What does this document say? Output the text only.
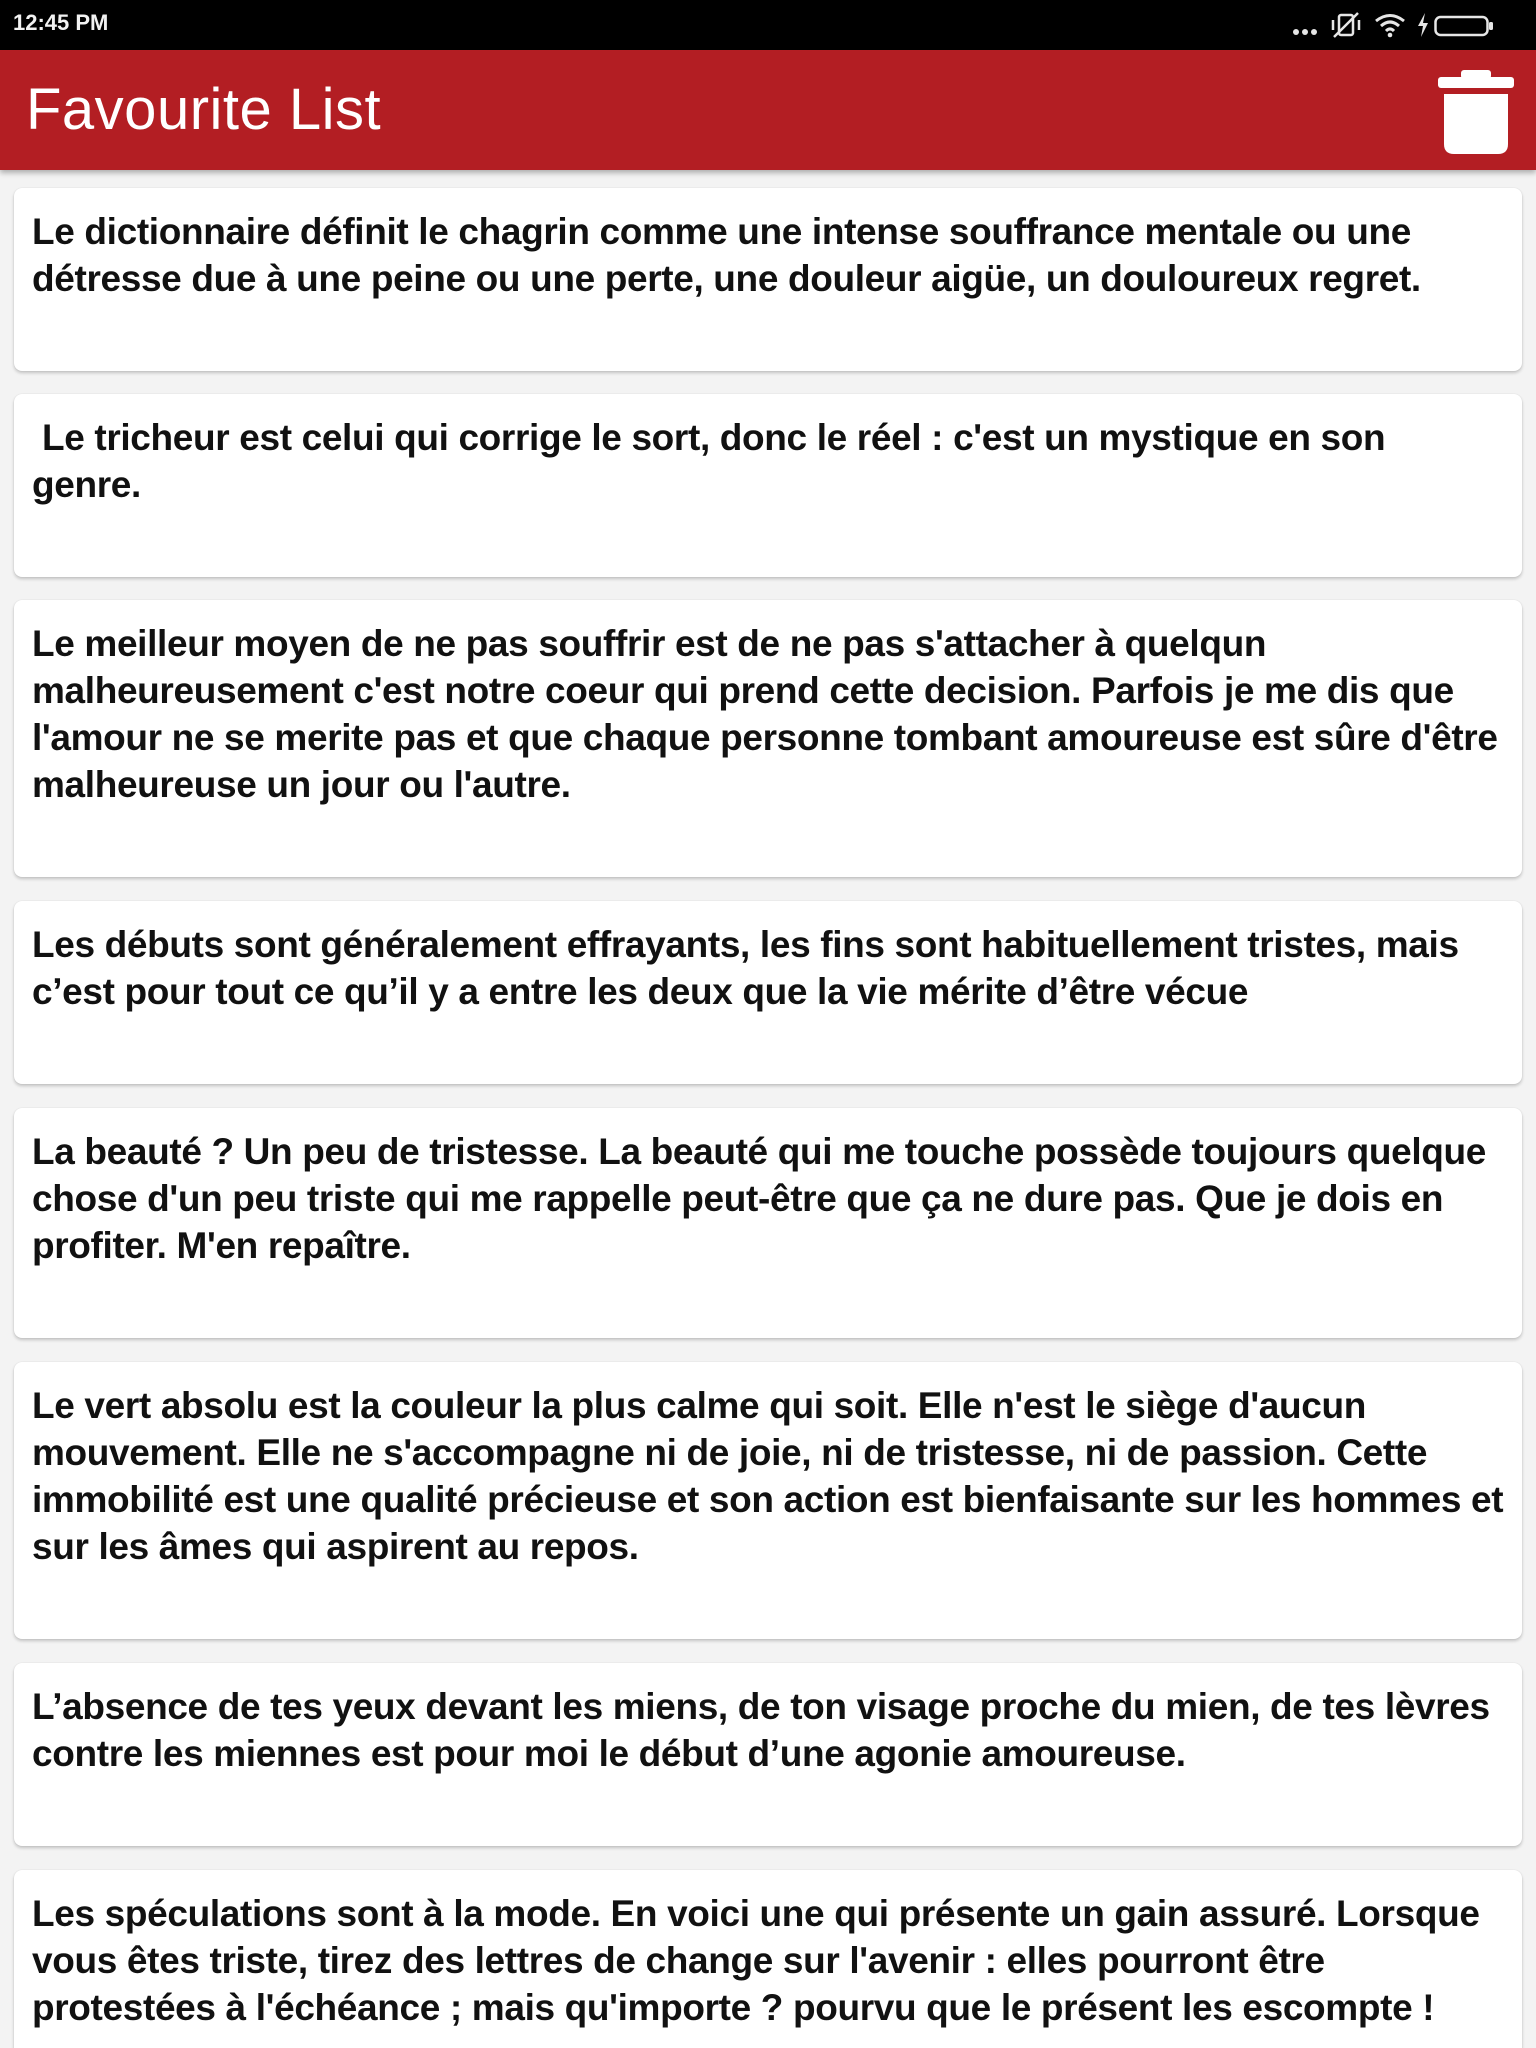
12:45 PM
Favourite List

Le dictionnaire définit le chagrin comme une intense souffrance mentale ou une détresse due à une peine ou une perte, une douleur aigüe, un douloureux regret.

Le tricheur est celui qui corrige le sort, donc le réel : c'est un mystique en son genre.

Le meilleur moyen de ne pas souffrir est de ne pas s'attacher à quelqun malheureusement c'est notre coeur qui prend cette decision. Parfois je me dis que l'amour ne se merite pas et que chaque personne tombant amoureuse est sûre d'être malheureuse un jour ou l'autre.

Les débuts sont généralement effrayants, les fins sont habituellement tristes, mais c’est pour tout ce qu’il y a entre les deux que la vie mérite d’être vécue

La beauté ? Un peu de tristesse. La beauté qui me touche possède toujours quelque chose d'un peu triste qui me rappelle peut-être que ça ne dure pas. Que je dois en profiter. M'en repaître.

Le vert absolu est la couleur la plus calme qui soit. Elle n'est le siège d'aucun mouvement. Elle ne s'accompagne ni de joie, ni de tristesse, ni de passion. Cette immobilité est une qualité précieuse et son action est bienfaisante sur les hommes et sur les âmes qui aspirent au repos.

L’absence de tes yeux devant les miens, de ton visage proche du mien, de tes lèvres contre les miennes est pour moi le début d’une agonie amoureuse.

Les spéculations sont à la mode. En voici une qui présente un gain assuré. Lorsque vous êtes triste, tirez des lettres de change sur l'avenir : elles pourront être protestées à l'échéance ; mais qu'importe ? pourvu que le présent les escompte !
